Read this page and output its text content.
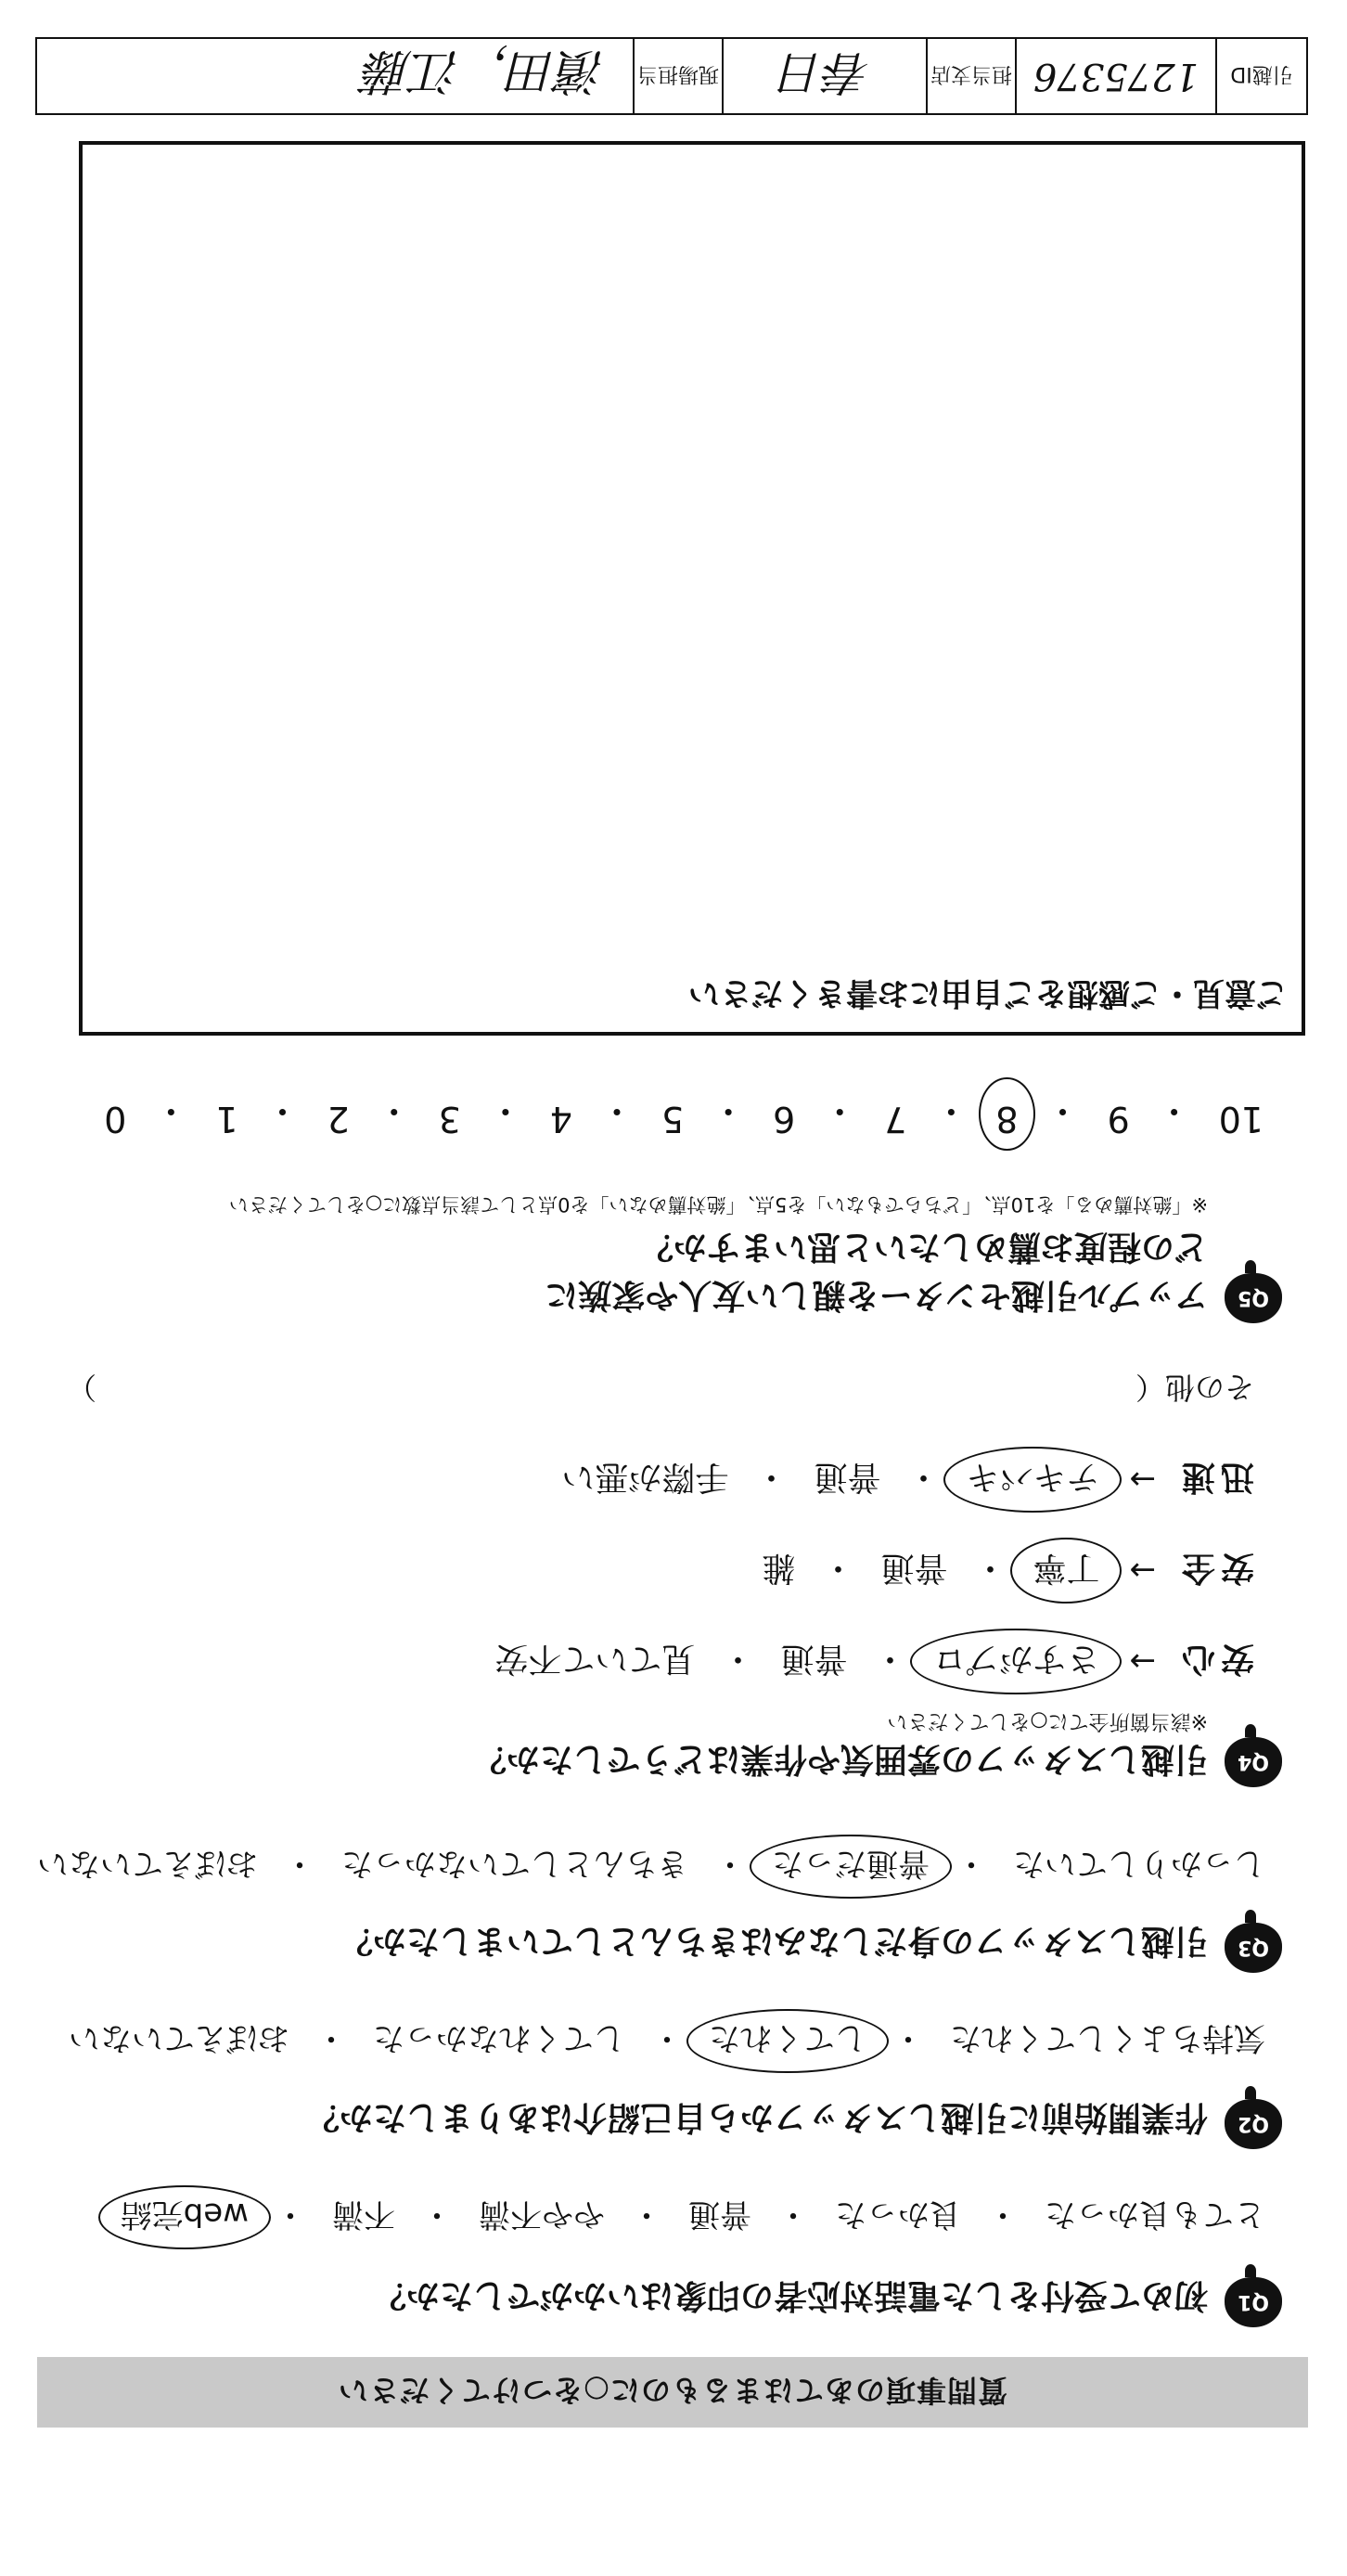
質問事項のあてはまるものに○をつけてください
Q1
初めて受付をした電話対応者の印象はいかがでしたか？
とても良かった
・
良かった
・
普通
・
やや不満
・
不満
・
web完結
Q2
作業開始前に引越しスタッフから自己紹介はありましたか？
気持ちよくしてくれた
・
してくれた
・
してくれなかった
・
おぼえていない
Q3
引越しスタッフの身だしなみはきちんとしていましたか？
しっかりしていた
・
普通だった
・
きちんとしていなかった
・
おぼえていない
Q4
引越しスタッフの雰囲気や作業はどうでしたか？
※該当箇所全てに○をしてください
安心
→
さすがプロ
・
普通
・
見ていて不安
安全
→
丁寧
・
普通
・
雑
迅速
→
テキパキ
・
普通
・
手際が悪い
その他（
）
Q5
アップル引越センターを親しい友人や家族に
どの程度お薦めしたいと思いますか？
※「絶対薦める」を10点、「どちらでもない」を5点、「絶対薦めない」を0点として該当点数に○をしてください
10
・
9
・
8
・
7
・
6
・
5
・
4
・
3
・
2
・
1
・
0
ご意見・ご感想をご自由にお書きください
引越ID
1275376
担当支店
春日
現場担当
濱田，江藤
